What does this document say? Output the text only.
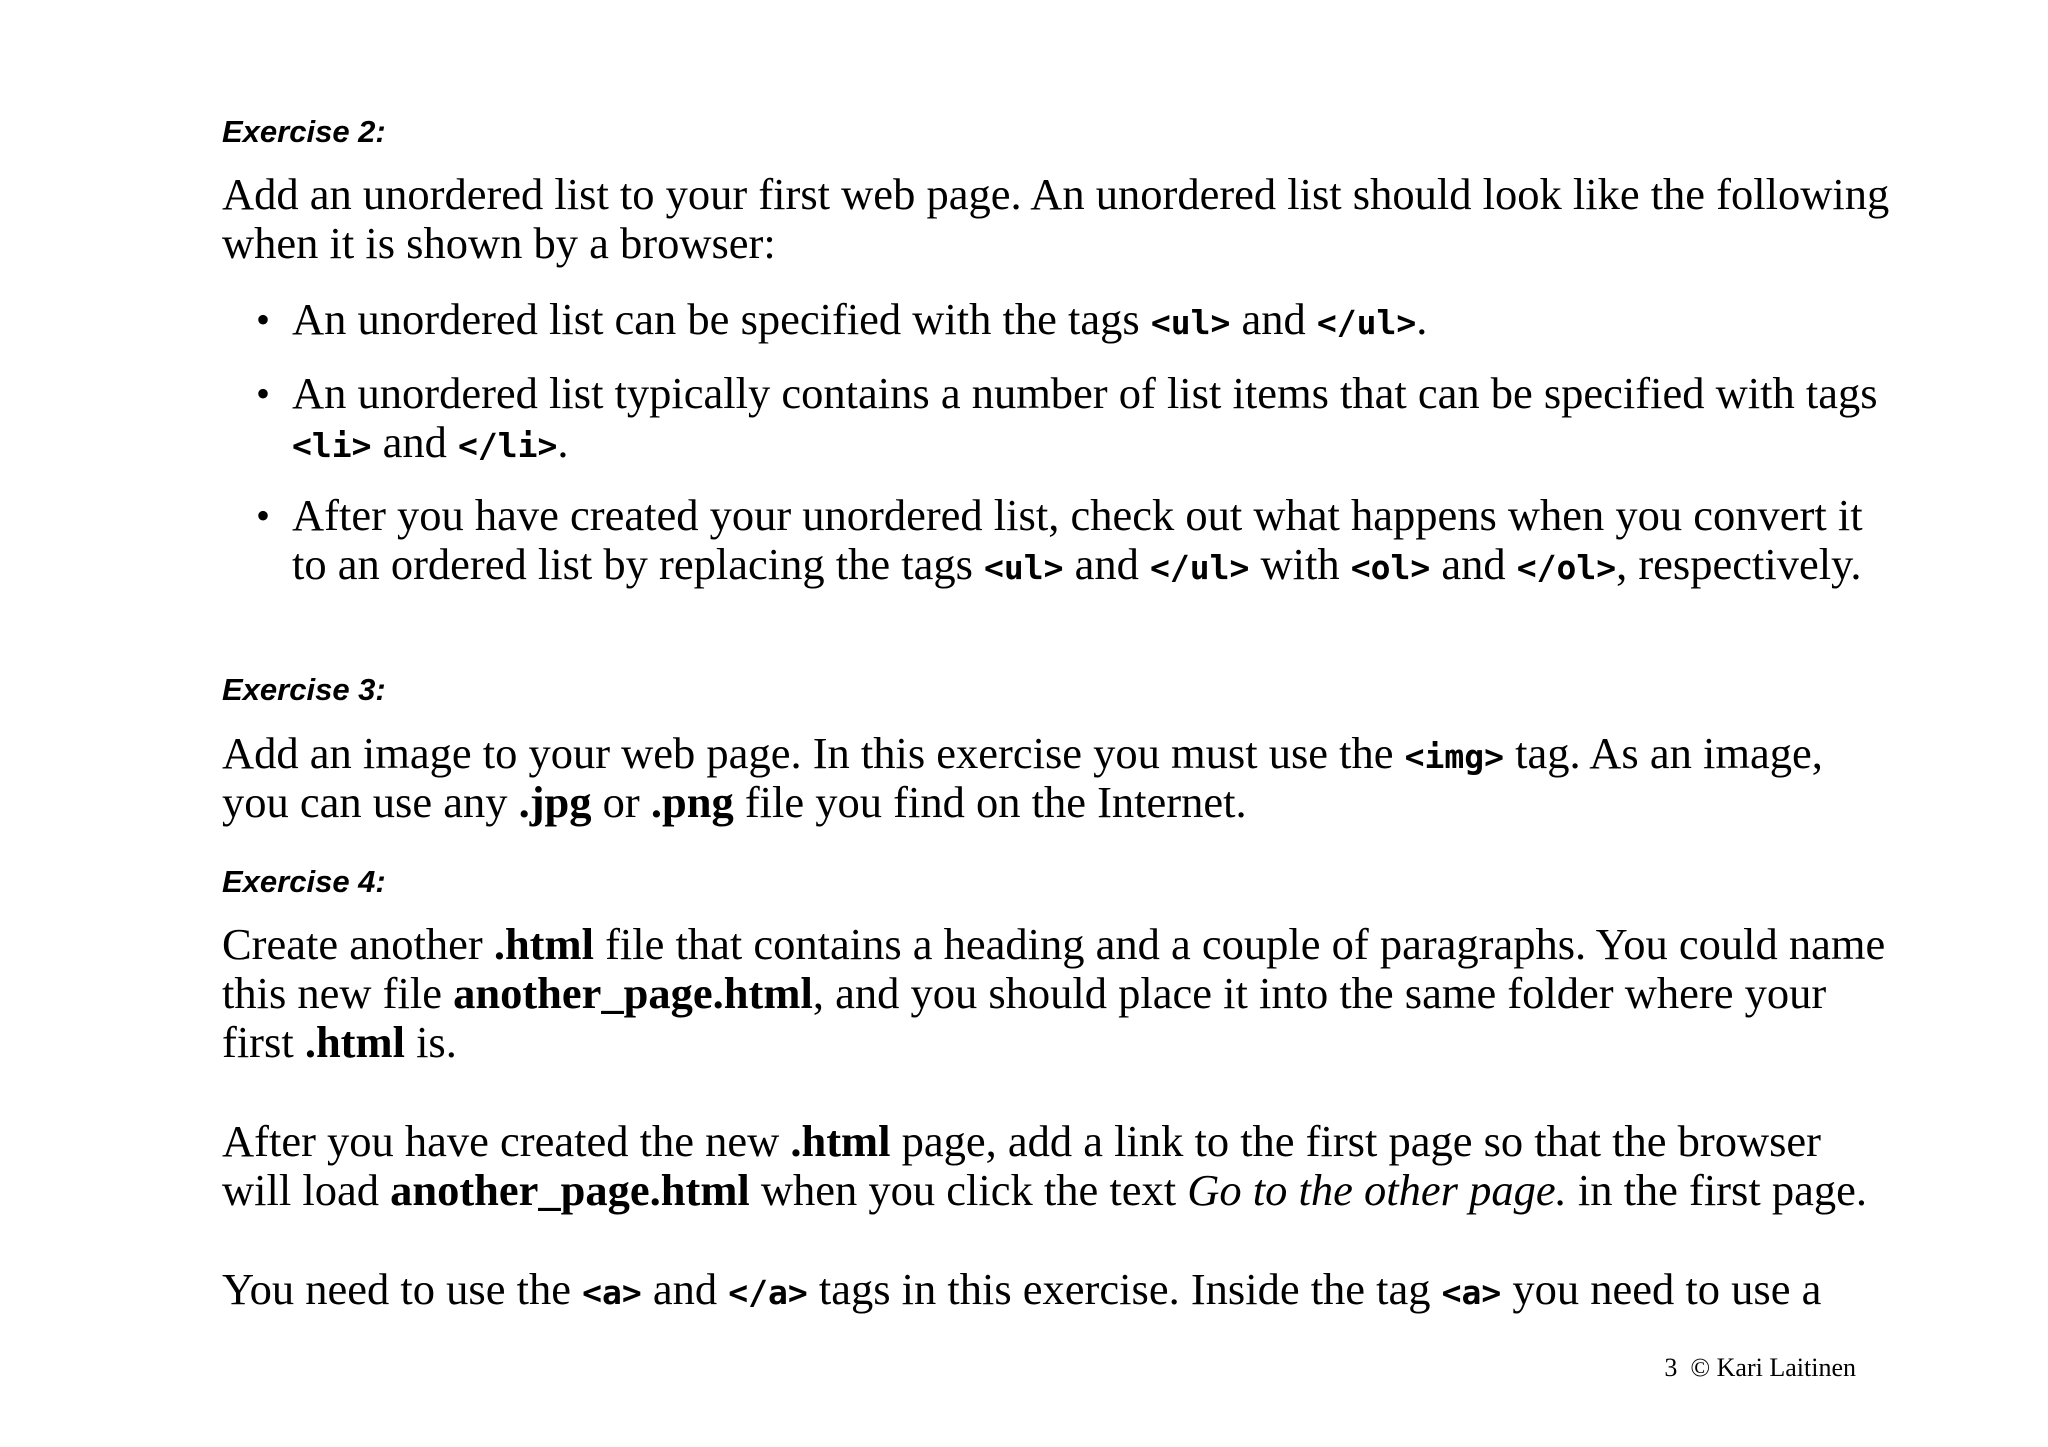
Exercise 2:

Add an unordered list to your first web page. An unordered list should look like the following

when it is shown by a browser:

• An unordered list can be specified with the tags <ul> and </ul>.
• An unordered list typically contains a number of list items that can be specified with tags
<li> and </li>.
• After you have created your unordered list, check out what happens when you convert it
to an ordered list by replacing the tags <ul> and </ul> with <ol> and </ol>, respectively.
Exercise 3:

Add an image to your web page. In this exercise you must use the <img> tag. As an image,

you can use any .jpg or .png file you find on the Internet.

Exercise 4:

Create another .html file that contains a heading and a couple of paragraphs. You could name

this new file another_page.html, and you should place it into the same folder where your

first .html is.

After you have created the new .html page, add a link to the first page so that the browser

will load another_page.html when you click the text Go to the other page. in the first page.

You need to use the <a> and </a> tags in this exercise. Inside the tag <a> you need to use a

3 © Kari Laitinen
